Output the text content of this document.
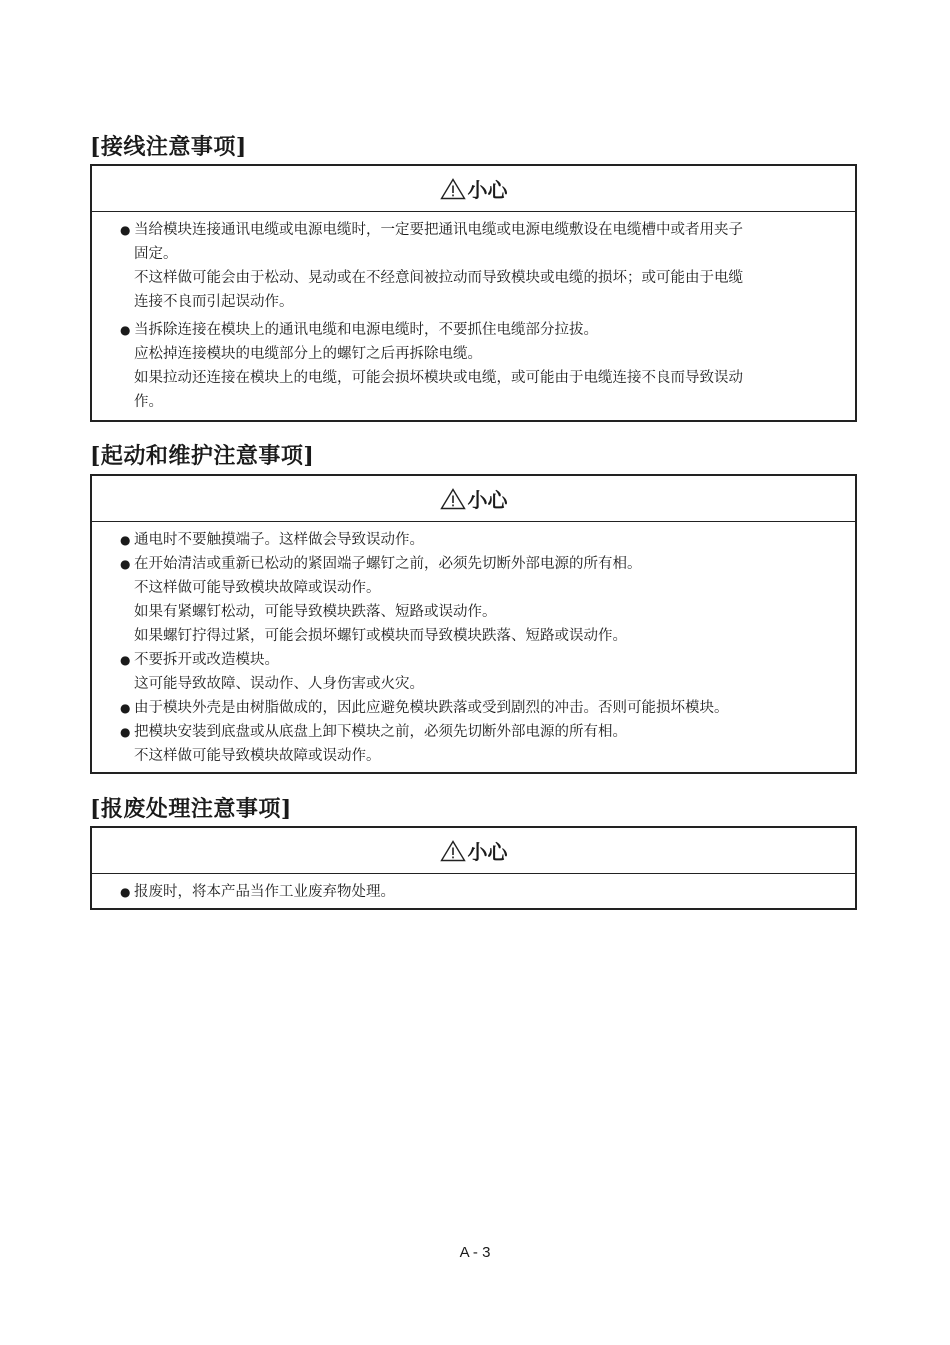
[接线注意事项]
小心
● 当给模块连接通讯电缆或电源电缆时，一定要把通讯电缆或电源电缆敷设在电缆槽中或者用夹子
固定。
不这样做可能会由于松动、晃动或在不经意间被拉动而导致模块或电缆的损坏；或可能由于电缆
连接不良而引起误动作。
● 当拆除连接在模块上的通讯电缆和电源电缆时，不要抓住电缆部分拉拔。
应松掉连接模块的电缆部分上的螺钉之后再拆除电缆。
如果拉动还连接在模块上的电缆，可能会损坏模块或电缆，或可能由于电缆连接不良而导致误动
作。
[起动和维护注意事项]
小心
● 通电时不要触摸端子。这样做会导致误动作。
● 在开始清洁或重新已松动的紧固端子螺钉之前，必须先切断外部电源的所有相。
不这样做可能导致模块故障或误动作。
如果有紧螺钉松动，可能导致模块跌落、短路或误动作。
如果螺钉拧得过紧，可能会损坏螺钉或模块而导致模块跌落、短路或误动作。
● 不要拆开或改造模块。
这可能导致故障、误动作、人身伤害或火灾。
● 由于模块外壳是由树脂做成的，因此应避免模块跌落或受到剧烈的冲击。否则可能损坏模块。
● 把模块安装到底盘或从底盘上卸下模块之前，必须先切断外部电源的所有相。
不这样做可能导致模块故障或误动作。
[报废处理注意事项]
小心
● 报废时，将本产品当作工业废弃物处理。
A - 3
